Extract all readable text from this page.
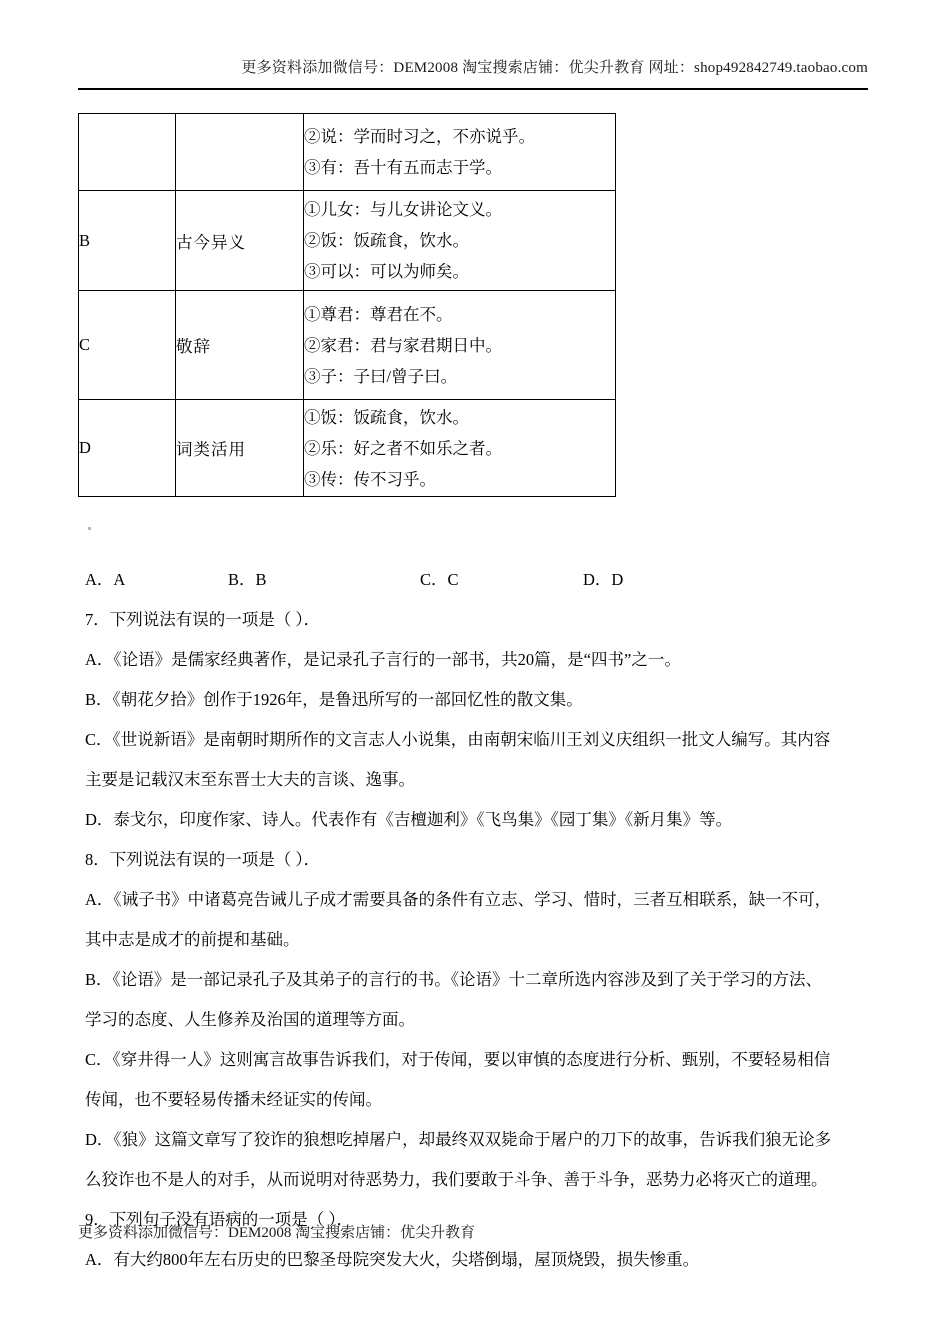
更多资料添加微信号：DEM2008 淘宝搜索店铺：优尖升教育 网址：shop492842749.taobao.com

		②说：学而时习之，不亦说乎。
③有：吾十有五而志于学。

B	古今异义	①儿女：与儿女讲论文义。
②饭：饭疏食，饮水。
③可以：可以为师矣。

C	敬辞	①尊君：尊君在不。
②家君：君与家君期日中。
③子：子曰/曾子曰。

D	词类活用	①饭：饭疏食，饮水。
②乐：好之者不如乐之者。
③传：传不习乎。
A．A	B．B	C．C	D．D
7．下列说法有误的一项是（ ）．
A．《论语》是儒家经典著作，是记录孔子言行的一部书，共20篇，是“四书”之一。
B．《朝花夕拾》创作于1926年，是鲁迅所写的一部回忆性的散文集。
C．《世说新语》是南朝时期所作的文言志人小说集，由南朝宋临川王刘义庆组织一批文人编写。其内容
主要是记载汉末至东晋士大夫的言谈、逸事。
D．泰戈尔，印度作家、诗人。代表作有《吉檀迦利》《飞鸟集》《园丁集》《新月集》等。
8．下列说法有误的一项是（ ）．
A．《诫子书》中诸葛亮告诫儿子成才需要具备的条件有立志、学习、惜时，三者互相联系，缺一不可，
其中志是成才的前提和基础。
B．《论语》是一部记录孔子及其弟子的言行的书。《论语》十二章所选内容涉及到了关于学习的方法、
学习的态度、人生修养及治国的道理等方面。
C．《穿井得一人》这则寓言故事告诉我们，对于传闻，要以审慎的态度进行分析、甄别，不要轻易相信
传闻，也不要轻易传播未经证实的传闻。
D．《狼》这篇文章写了狡诈的狼想吃掉屠户，却最终双双毙命于屠户的刀下的故事，告诉我们狼无论多
么狡诈也不是人的对手，从而说明对待恶势力，我们要敢于斗争、善于斗争，恶势力必将灭亡的道理。
9．下列句子没有语病的一项是（ ）．
A．有大约800年左右历史的巴黎圣母院突发大火，尖塔倒塌，屋顶烧毁，损失惨重。
更多资料添加微信号：DEM2008 淘宝搜索店铺：优尖升教育
